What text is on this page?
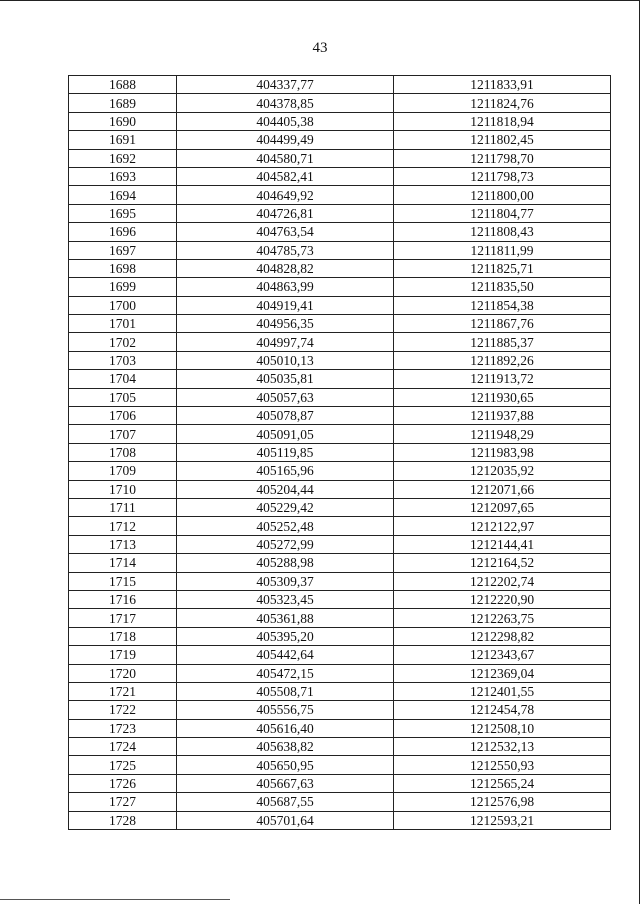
43
1688	404337,77	1211833,91
1689	404378,85	1211824,76
1690	404405,38	1211818,94
1691	404499,49	1211802,45
1692	404580,71	1211798,70
1693	404582,41	1211798,73
1694	404649,92	1211800,00
1695	404726,81	1211804,77
1696	404763,54	1211808,43
1697	404785,73	1211811,99
1698	404828,82	1211825,71
1699	404863,99	1211835,50
1700	404919,41	1211854,38
1701	404956,35	1211867,76
1702	404997,74	1211885,37
1703	405010,13	1211892,26
1704	405035,81	1211913,72
1705	405057,63	1211930,65
1706	405078,87	1211937,88
1707	405091,05	1211948,29
1708	405119,85	1211983,98
1709	405165,96	1212035,92
1710	405204,44	1212071,66
1711	405229,42	1212097,65
1712	405252,48	1212122,97
1713	405272,99	1212144,41
1714	405288,98	1212164,52
1715	405309,37	1212202,74
1716	405323,45	1212220,90
1717	405361,88	1212263,75
1718	405395,20	1212298,82
1719	405442,64	1212343,67
1720	405472,15	1212369,04
1721	405508,71	1212401,55
1722	405556,75	1212454,78
1723	405616,40	1212508,10
1724	405638,82	1212532,13
1725	405650,95	1212550,93
1726	405667,63	1212565,24
1727	405687,55	1212576,98
1728	405701,64	1212593,21
